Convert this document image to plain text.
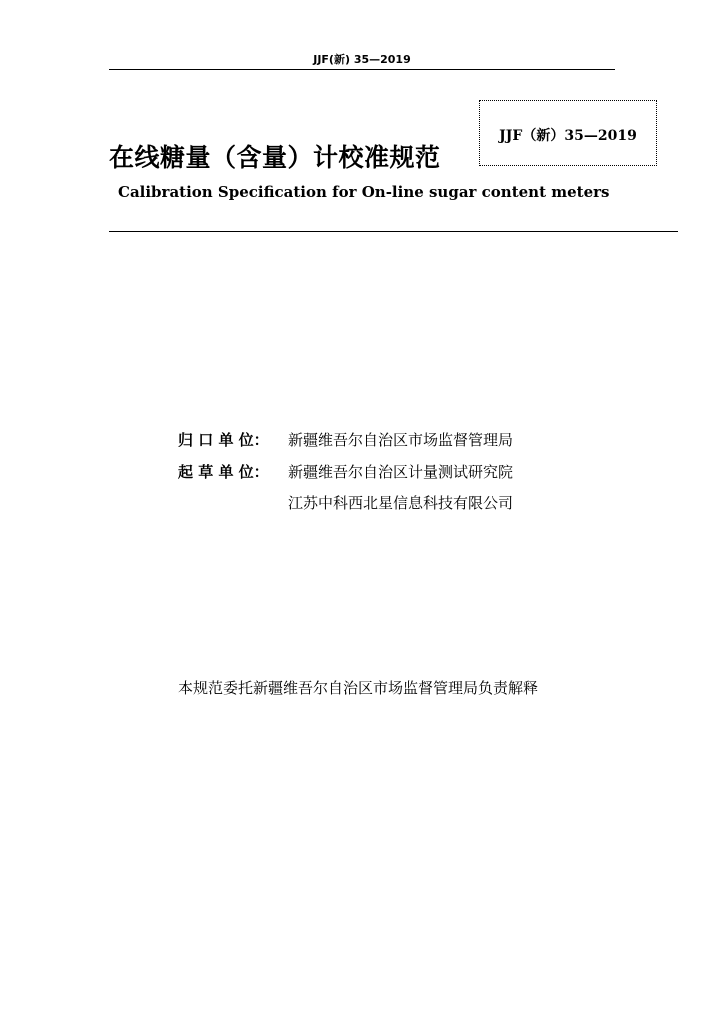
JJF(新) 35—2019
JJF（新）35—2019
在线糖量（含量）计校准规范
Calibration Specification for On-line sugar content meters
归 口 单 位： 新疆维吾尔自治区市场监督管理局
起 草 单 位： 新疆维吾尔自治区计量测试研究院
江苏中科西北星信息科技有限公司
本规范委托新疆维吾尔自治区市场监督管理局负责解释
